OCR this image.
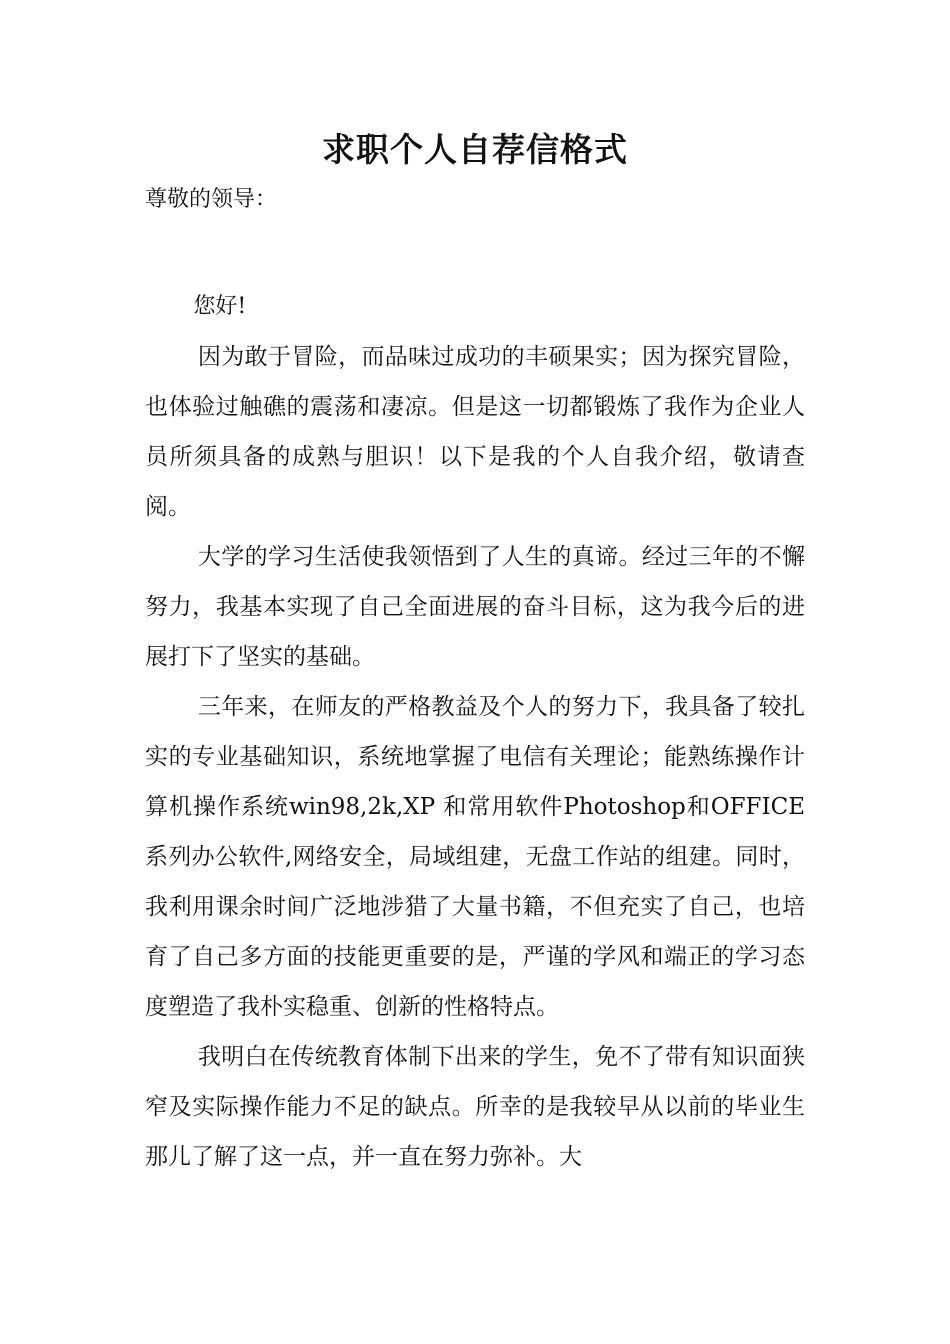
求职个人自荐信格式
尊敬的领导：

您好!

因为敢于冒险，而品味过成功的丰硕果实；因为探究冒险，也体验过触礁的震荡和凄凉。但是这一切都锻炼了我作为企业人员所须具备的成熟与胆识！以下是我的个人自我介绍，敬请查阅。

大学的学习生活使我领悟到了人生的真谛。经过三年的不懈努力，我基本实现了自己全面进展的奋斗目标，这为我今后的进展打下了坚实的基础。

三年来，在师友的严格教益及个人的努力下，我具备了较扎实的专业基础知识，系统地掌握了电信有关理论；能熟练操作计算机操作系统win98,2k,XP 和常用软件Photoshop和OFFICE系列办公软件,网络安全，局域组建，无盘工作站的组建。同时，我利用课余时间广泛地涉猎了大量书籍，不但充实了自己，也培育了自己多方面的技能更重要的是，严谨的学风和端正的学习态度塑造了我朴实稳重、创新的性格特点。

我明白在传统教育体制下出来的学生，免不了带有知识面狭窄及实际操作能力不足的缺点。所幸的是我较早从以前的毕业生那儿了解了这一点，并一直在努力弥补。大
